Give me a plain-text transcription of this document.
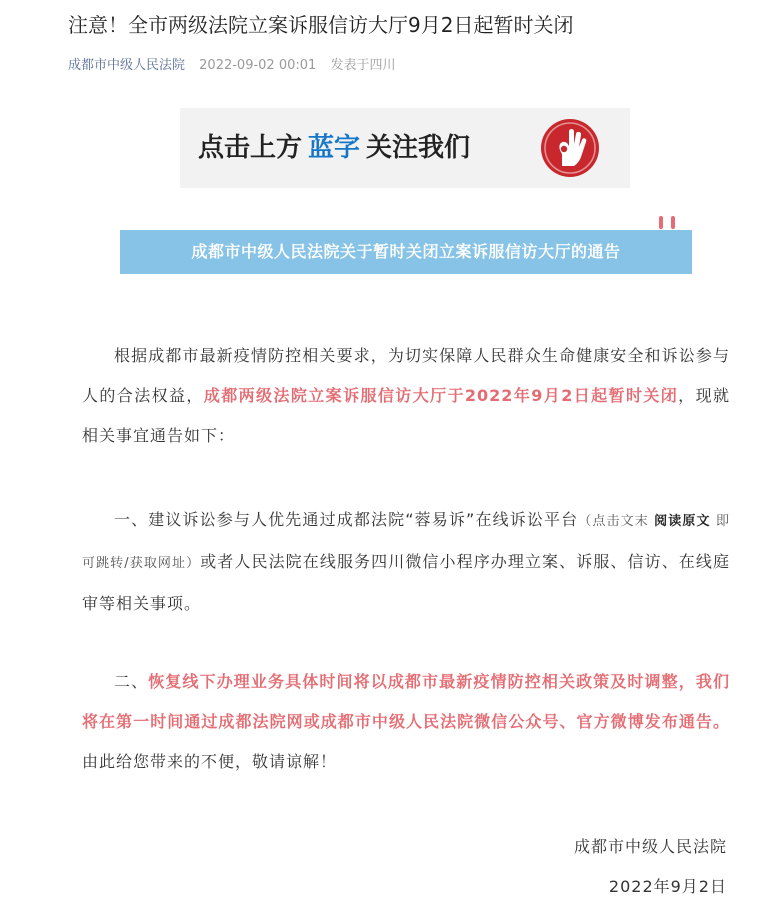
注意！全市两级法院立案诉服信访大厅9月2日起暂时关闭
成都市中级人民法院 2022-09-02 00:01 发表于四川
点击上方 蓝字 关注我们
成都市中级人民法院关于暂时关闭立案诉服信访大厅的通告

根据成都市最新疫情防控相关要求，为切实保障人民群众生命健康安全和诉讼参与人的合法权益，成都两级法院立案诉服信访大厅于2022年9月2日起暂时关闭，现就相关事宜通告如下：

一、建议诉讼参与人优先通过成都法院“蓉易诉”在线诉讼平台（点击文末 阅读原文 即可跳转/获取网址）或者人民法院在线服务四川微信小程序办理立案、诉服、信访、在线庭审等相关事项。

二、恢复线下办理业务具体时间将以成都市最新疫情防控相关政策及时调整，我们将在第一时间通过成都法院网或成都市中级人民法院微信公众号、官方微博发布通告。由此给您带来的不便，敬请谅解！

成都市中级人民法院
2022年9月2日
